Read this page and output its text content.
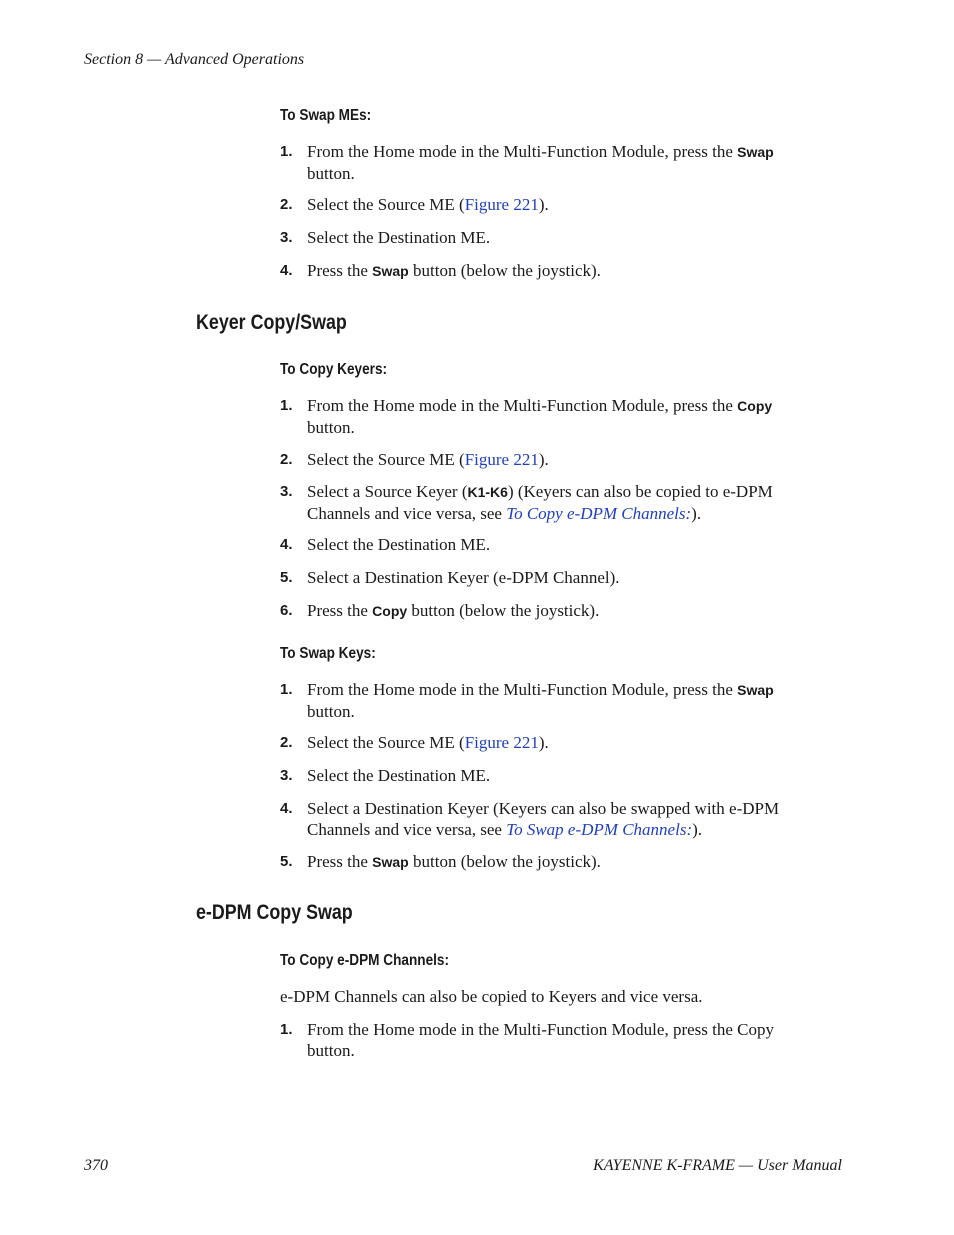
Section 8 — Advanced Operations
To Swap MEs:
1. From the Home mode in the Multi-Function Module, press the Swap
button.
2. Select the Source ME (Figure 221).
3. Select the Destination ME.
4. Press the Swap button (below the joystick).
Keyer Copy/Swap
To Copy Keyers:
1. From the Home mode in the Multi-Function Module, press the Copy
button.
2. Select the Source ME (Figure 221).
3. Select a Source Keyer (K1-K6) (Keyers can also be copied to e-DPM
Channels and vice versa, see To Copy e-DPM Channels:).
4. Select the Destination ME.
5. Select a Destination Keyer (e-DPM Channel).
6. Press the Copy button (below the joystick).
To Swap Keys:
1. From the Home mode in the Multi-Function Module, press the Swap
button.
2. Select the Source ME (Figure 221).
3. Select the Destination ME.
4. Select a Destination Keyer (Keyers can also be swapped with e-DPM
Channels and vice versa, see To Swap e-DPM Channels:).
5. Press the Swap button (below the joystick).
e-DPM Copy Swap
To Copy e-DPM Channels:
e-DPM Channels can also be copied to Keyers and vice versa.
1. From the Home mode in the Multi-Function Module, press the Copy
button.
370	KAYENNE K-FRAME — User Manual
